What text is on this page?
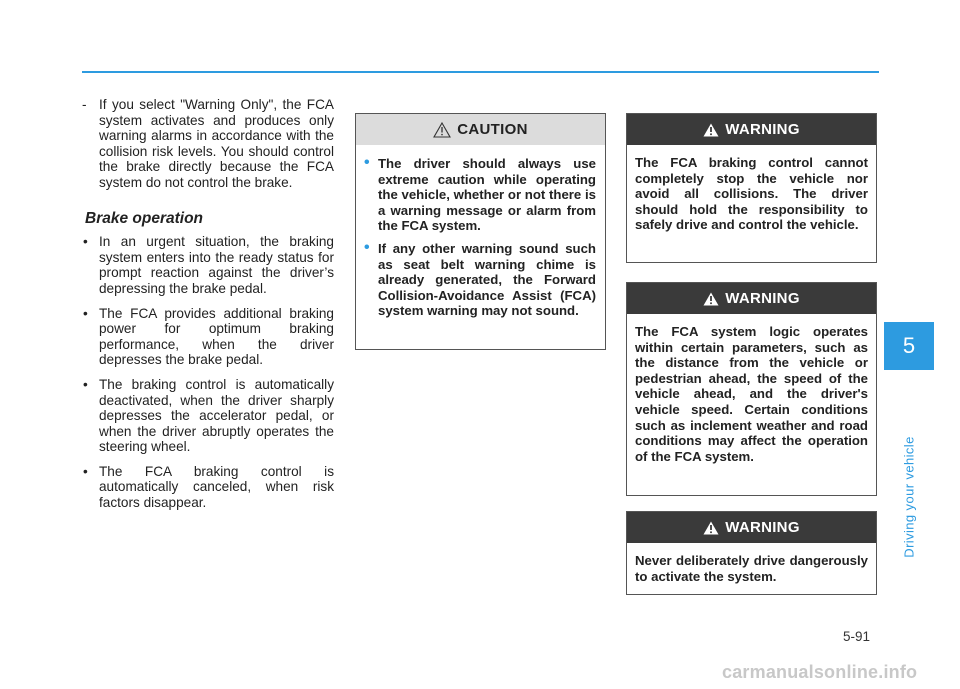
- If you select "Warning Only", the FCA system activates and produces only warning alarms in accordance with the collision risk levels. You should control the brake directly because the FCA system do not control the brake.
Brake operation
• In an urgent situation, the braking system enters into the ready status for prompt reaction against the driver’s depressing the brake pedal.
• The FCA provides additional braking power for optimum braking performance, when the driver depresses the brake pedal.
• The braking control is automatically deactivated, when the driver sharply depresses the accelerator pedal, or when the driver abruptly operates the steering wheel.
• The FCA braking control is automatically canceled, when risk factors disappear.
CAUTION
• The driver should always use extreme caution while operating the vehicle, whether or not there is a warning message or alarm from the FCA system.
• If any other warning sound such as seat belt warning chime is already generated, the Forward Collision-Avoidance Assist (FCA) system warning may not sound.
WARNING
The FCA braking control cannot completely stop the vehicle nor avoid all collisions. The driver should hold the responsibility to safely drive and control the vehicle.
WARNING
The FCA system logic operates within certain parameters, such as the distance from the vehicle or pedestrian ahead, the speed of the vehicle ahead, and the driver's vehicle speed. Certain conditions such as inclement weather and road conditions may affect the operation of the FCA system.
WARNING
Never deliberately drive dangerously to activate the system.
5
Driving your vehicle
5-91
carmanualsonline.info
